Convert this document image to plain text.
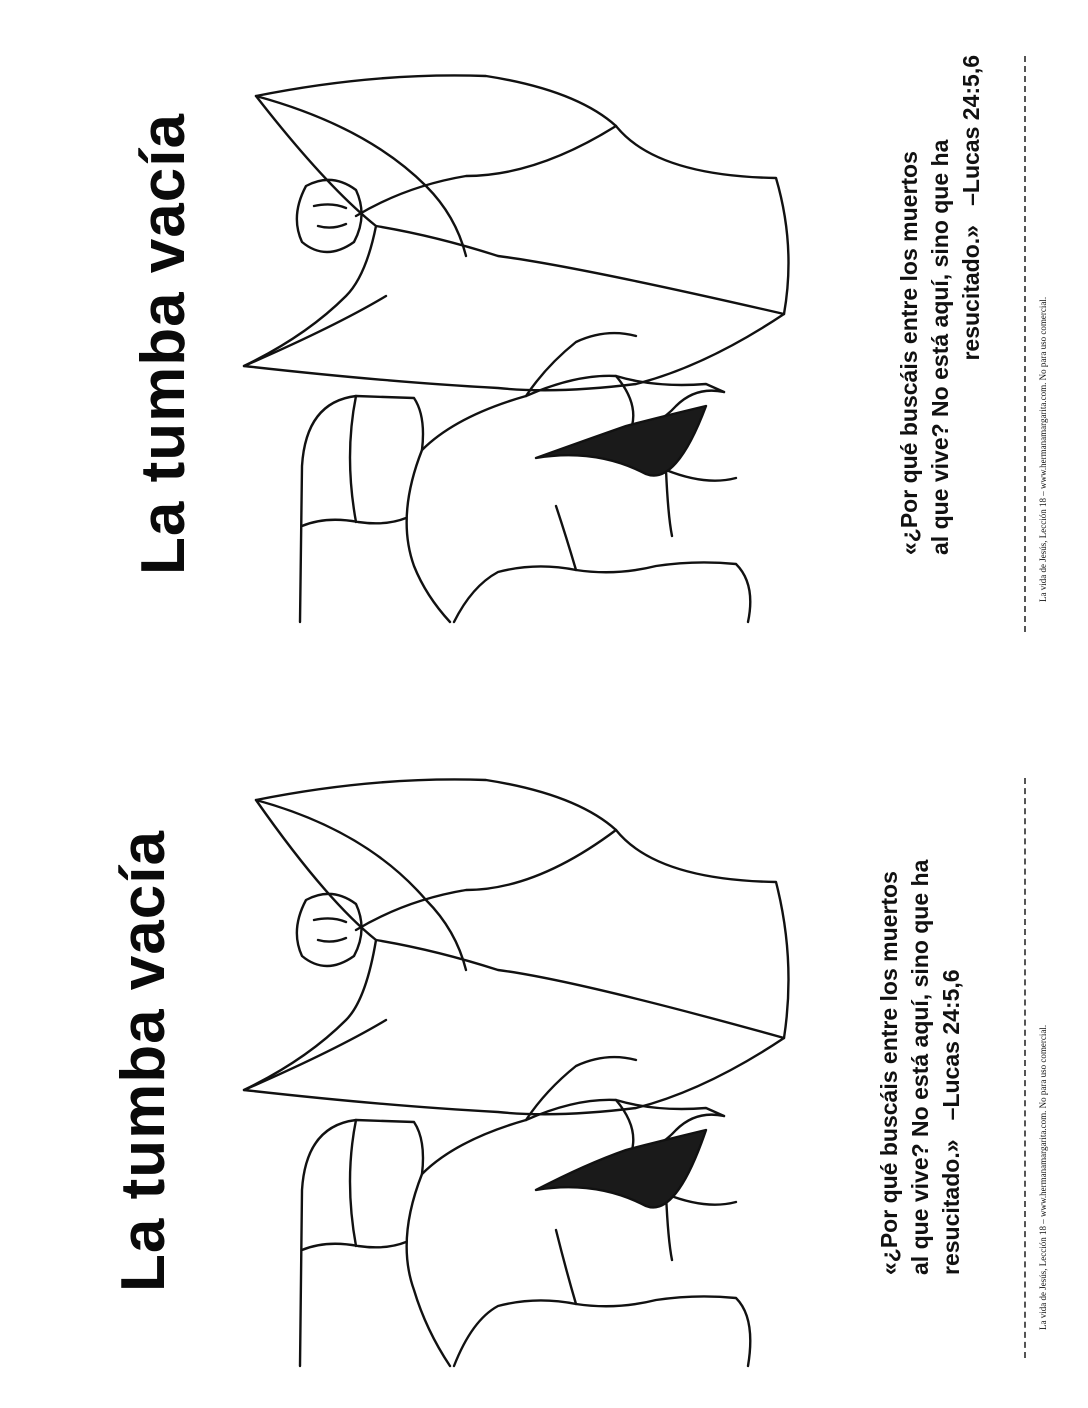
La tumba vacía	«¿Por qué buscáis entre los muertos al que vive? No está aquí, sino que ha resucitado.»   –Lucas 24:5,6
La vida de Jesús, Lección 18 – www.hermanamargarita.com. No para uso comercial.
La tumba vacía	«¿Por qué buscáis entre los muertos al que vive? No está aquí, sino que ha resucitado.»   –Lucas 24:5,6	La vida de Jesús, Lección 18 – www.hermanamargarita.com. No para uso comercial.
